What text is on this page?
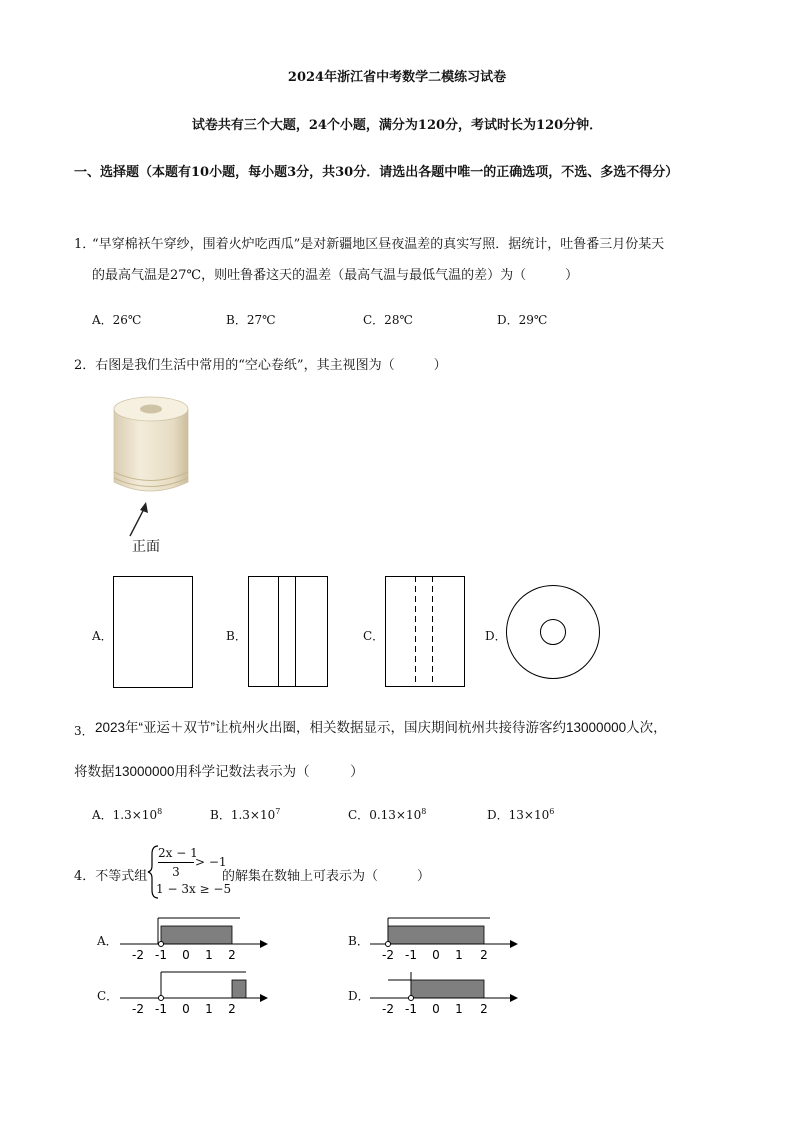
2024年浙江省中考数学二模练习试卷
试卷共有三个大题，24个小题，满分为120分，考试时长为120分钟．
一、选择题（本题有10小题，每小题3分，共30分．请选出各题中唯一的正确选项，不选、多选不得分）
1．
“早穿棉袄午穿纱，围着火炉吃西瓜”是对新疆地区昼夜温差的真实写照．据统计，吐鲁番三月份某天
的最高气温是27℃，则吐鲁番这天的温差（最高气温与最低气温的差）为（　　　）
A．26℃	B．27℃	C．28℃	D．29℃
2．右图是我们生活中常用的“空心卷纸”，其主视图为（　　　）
正面
A．	B．	C．	D．
3． 2023年“亚运＋双节”让杭州火出圈，相关数据显示，国庆期间杭州共接待游客约13000000人次，
将数据13000000用科学记数法表示为（　　　）
A．$1.3\times 10^8$	B．$1.3\times 10^7$	C．$0.13\times 10^8$	D．$13\times 10^6$
4．不等式组
2x − 1
3
> −1
1 − 3x ≥ −5
的解集在数轴上可表示为（　　　）
A．
-2 -1 0 1 2
B．
-2 -1 0 1 2
C．
-2 -1 0 1 2
D．
-2 -1 0 1 2
